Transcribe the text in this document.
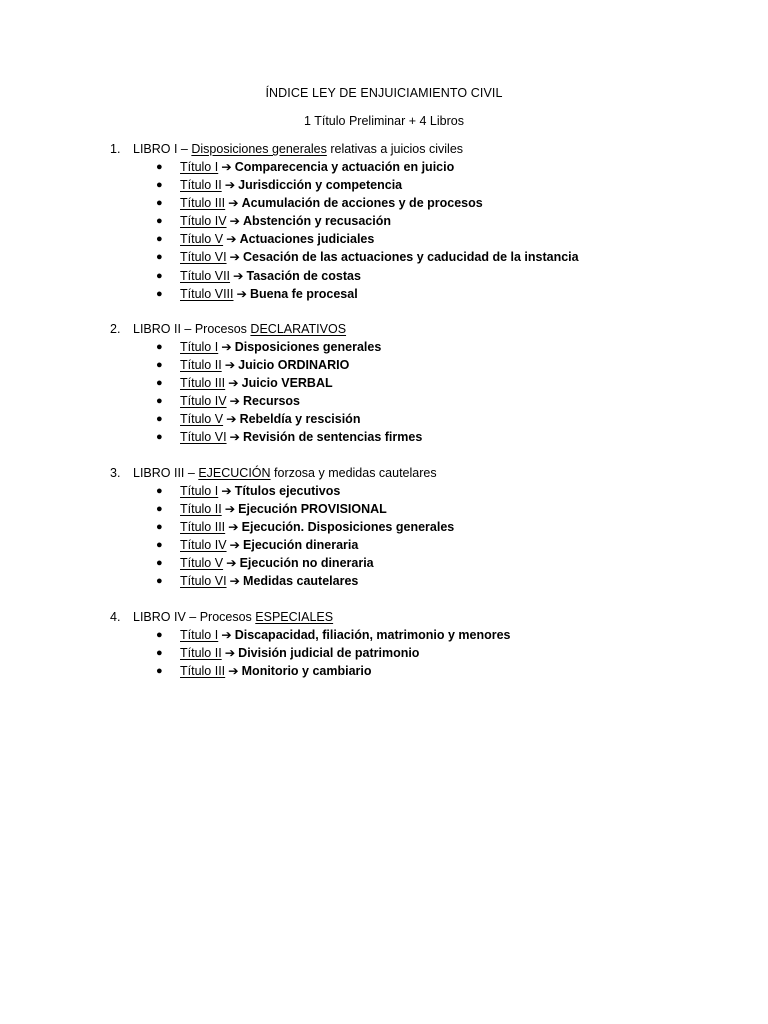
ÍNDICE LEY DE ENJUICIAMIENTO CIVIL
1 Título Preliminar + 4 Libros
1. LIBRO I – Disposiciones generales relativas a juicios civiles
● Título I ➔ Comparecencia y actuación en juicio
● Título II ➔ Jurisdicción y competencia
● Título III ➔ Acumulación de acciones y de procesos
● Título IV ➔ Abstención y recusación
● Título V ➔ Actuaciones judiciales
● Título VI ➔ Cesación de las actuaciones y caducidad de la instancia
● Título VII ➔ Tasación de costas
● Título VIII ➔ Buena fe procesal
2. LIBRO II – Procesos DECLARATIVOS
● Título I ➔ Disposiciones generales
● Título II ➔ Juicio ORDINARIO
● Título III ➔ Juicio VERBAL
● Título IV ➔ Recursos
● Título V ➔ Rebeldía y rescisión
● Título VI ➔ Revisión de sentencias firmes
3. LIBRO III – EJECUCIÓN forzosa y medidas cautelares
● Título I ➔ Títulos ejecutivos
● Título II ➔ Ejecución PROVISIONAL
● Título III ➔ Ejecución. Disposiciones generales
● Título IV ➔ Ejecución dineraria
● Título V ➔ Ejecución no dineraria
● Título VI ➔ Medidas cautelares
4. LIBRO IV – Procesos ESPECIALES
● Título I ➔ Discapacidad, filiación, matrimonio y menores
● Título II ➔ División judicial de patrimonio
● Título III ➔ Monitorio y cambiario
